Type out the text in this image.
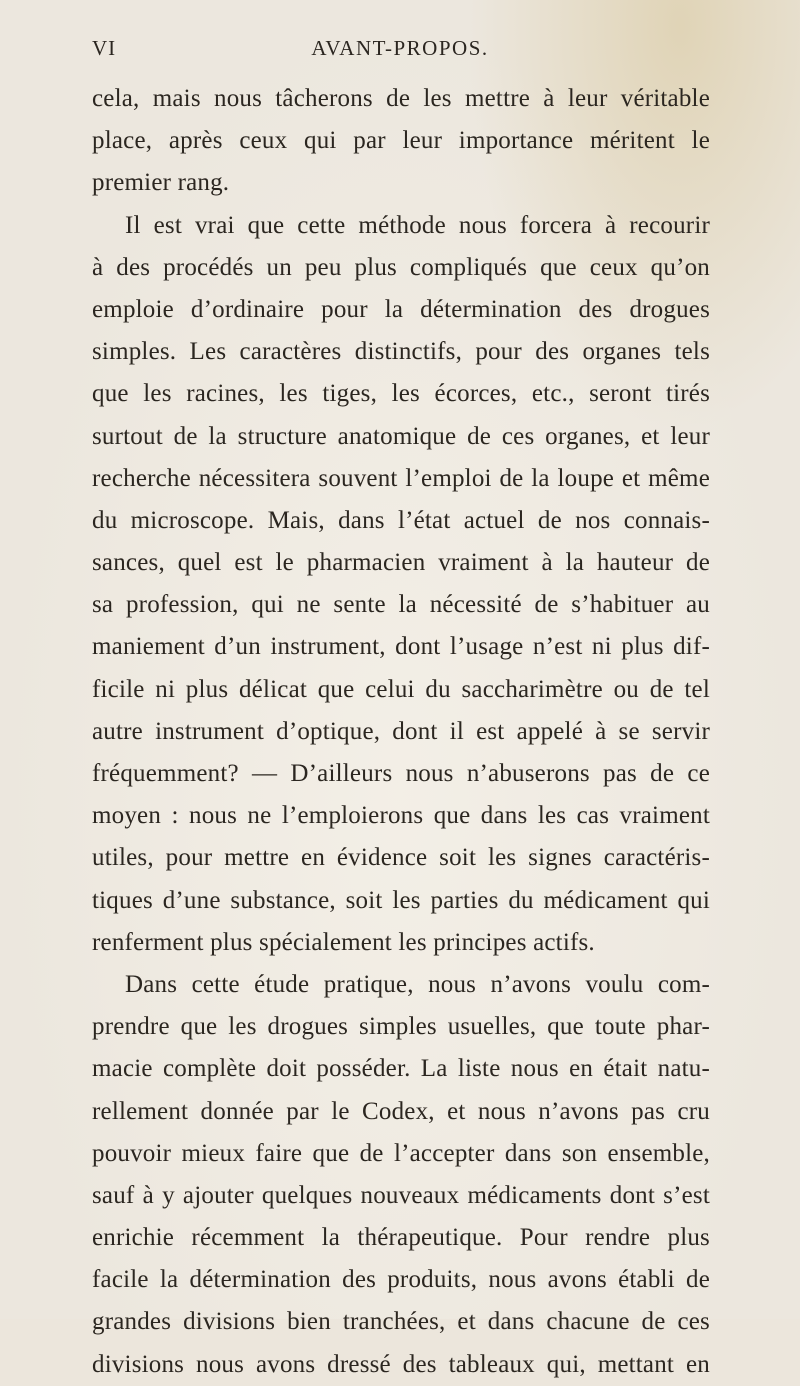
VI	AVANT-PROPOS.
cela, mais nous tâcherons de les mettre à leur véritable
place, après ceux qui par leur importance méritent le
premier rang.
Il est vrai que cette méthode nous forcera à recourir
à des procédés un peu plus compliqués que ceux qu’on
emploie d’ordinaire pour la détermination des drogues
simples. Les caractères distinctifs, pour des organes tels
que les racines, les tiges, les écorces, etc., seront tirés
surtout de la structure anatomique de ces organes, et leur
recherche nécessitera souvent l’emploi de la loupe et même
du microscope. Mais, dans l’état actuel de nos connais-
sances, quel est le pharmacien vraiment à la hauteur de
sa profession, qui ne sente la nécessité de s’habituer au
maniement d’un instrument, dont l’usage n’est ni plus dif-
ficile ni plus délicat que celui du saccharimètre ou de tel
autre instrument d’optique, dont il est appelé à se servir
fréquemment? — D’ailleurs nous n’abuserons pas de ce
moyen : nous ne l’emploierons que dans les cas vraiment
utiles, pour mettre en évidence soit les signes caractéris-
tiques d’une substance, soit les parties du médicament qui
renferment plus spécialement les principes actifs.
Dans cette étude pratique, nous n’avons voulu com-
prendre que les drogues simples usuelles, que toute phar-
macie complète doit posséder. La liste nous en était natu-
rellement donnée par le Codex, et nous n’avons pas cru
pouvoir mieux faire que de l’accepter dans son ensemble,
sauf à y ajouter quelques nouveaux médicaments dont s’est
enrichie récemment la thérapeutique. Pour rendre plus
facile la détermination des produits, nous avons établi de
grandes divisions bien tranchées, et dans chacune de ces
divisions nous avons dressé des tableaux qui, mettant en
